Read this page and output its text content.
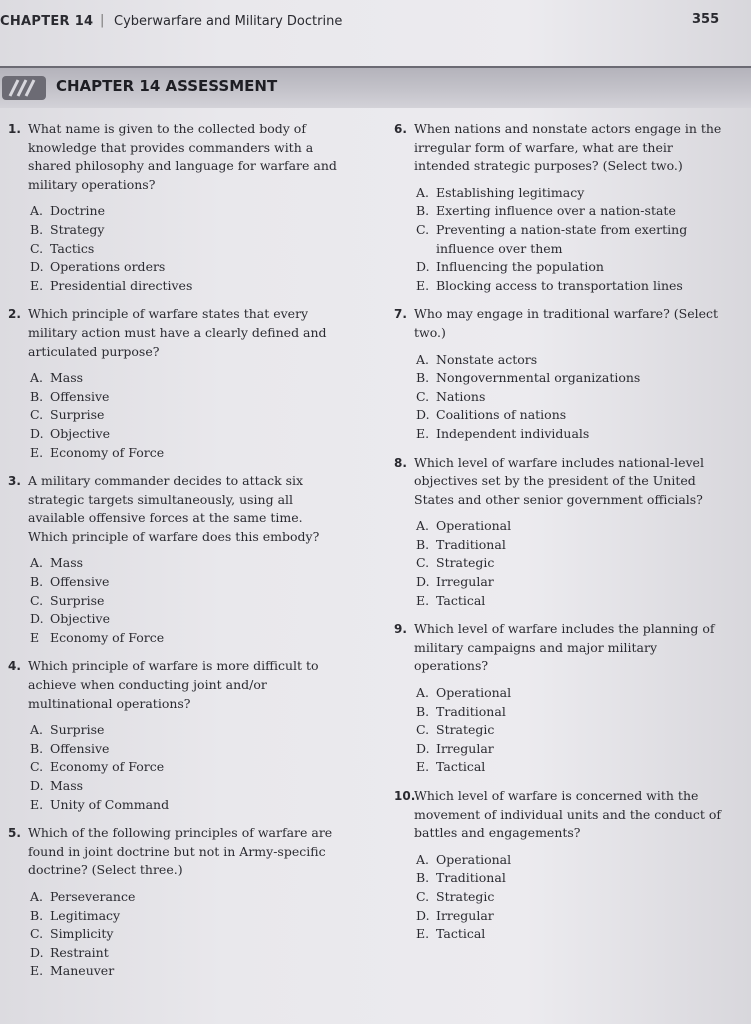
CHAPTER 14 | Cyberwarfare and Military Doctrine	355
CHAPTER 14 ASSESSMENT
1. What name is given to the collected body of knowledge that provides commanders with a shared philosophy and language for warfare and military operations?
A. Doctrine
B. Strategy
C. Tactics
D. Operations orders
E. Presidential directives
2. Which principle of warfare states that every military action must have a clearly defined and articulated purpose?
A. Mass
B. Offensive
C. Surprise
D. Objective
E. Economy of Force
3. A military commander decides to attack six strategic targets simultaneously, using all available offensive forces at the same time. Which principle of warfare does this embody?
A. Mass
B. Offensive
C. Surprise
D. Objective
E Economy of Force
4. Which principle of warfare is more difficult to achieve when conducting joint and/or multinational operations?
A. Surprise
B. Offensive
C. Economy of Force
D. Mass
E. Unity of Command
5. Which of the following principles of warfare are found in joint doctrine but not in Army-specific doctrine? (Select three.)
A. Perseverance
B. Legitimacy
C. Simplicity
D. Restraint
E. Maneuver
6. When nations and nonstate actors engage in the irregular form of warfare, what are their intended strategic purposes? (Select two.)
A. Establishing legitimacy
B. Exerting influence over a nation-state
C. Preventing a nation-state from exerting influence over them
D. Influencing the population
E. Blocking access to transportation lines
7. Who may engage in traditional warfare? (Select two.)
A. Nonstate actors
B. Nongovernmental organizations
C. Nations
D. Coalitions of nations
E. Independent individuals
8. Which level of warfare includes national-level objectives set by the president of the United States and other senior government officials?
A. Operational
B. Traditional
C. Strategic
D. Irregular
E. Tactical
9. Which level of warfare includes the planning of military campaigns and major military operations?
A. Operational
B. Traditional
C. Strategic
D. Irregular
E. Tactical
10.
Which level of warfare is concerned with the movement of individual units and the conduct of battles and engagements?
A. Operational
B. Traditional
C. Strategic
D. Irregular
E. Tactical
